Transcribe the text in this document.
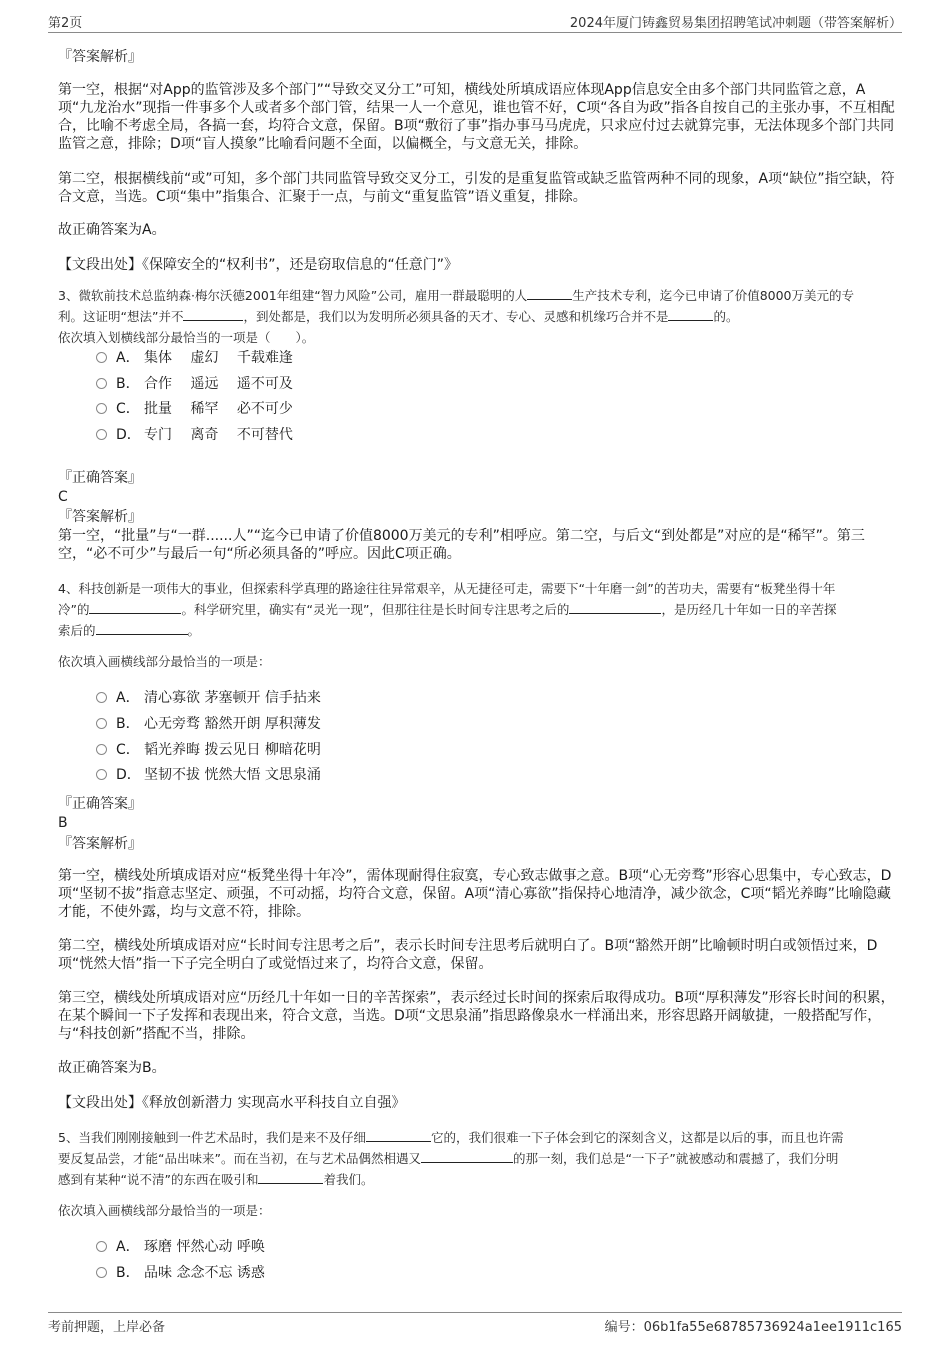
第2页	2024年厦门铸鑫贸易集团招聘笔试冲刺题（带答案解析）
『答案解析』

第一空，根据“对App的监管涉及多个部门”“导致交叉分工”可知，横线处所填成语应体现App信息安全由多个部门共同监管之意，A项“九龙治水”现指一件事多个人或者多个部门管，结果一人一个意见，谁也管不好，C项“各自为政”指各自按自己的主张办事，不互相配合，比喻不考虑全局，各搞一套，均符合文意，保留。B项“敷衍了事”指办事马马虎虎，只求应付过去就算完事，无法体现多个部门共同监管之意，排除；D项“盲人摸象”比喻看问题不全面，以偏概全，与文意无关，排除。

第二空，根据横线前“或”可知，多个部门共同监管导致交叉分工，引发的是重复监管或缺乏监管两种不同的现象，A项“缺位”指空缺，符合文意，当选。C项“集中”指集合、汇聚于一点，与前文“重复监管”语义重复，排除。

故正确答案为A。

【文段出处】《保障安全的“权利书”，还是窃取信息的“任意门”》

3、微软前技术总监纳森·梅尔沃德2001年组建“智力风险”公司，雇用一群最聪明的人	生产技术专利，迄今已申请了价值8000万美元的专
利。这证明“想法”并不	，到处都是，我们以为发明所必须具备的天才、专心、灵感和机缘巧合并不是	的。
依次填入划横线部分最恰当的一项是（　　）。

A． 集体　 虚幻　 千载难逢
B． 合作　 遥远　 遥不可及
C． 批量　 稀罕　 必不可少
D． 专门　 离奇　 不可替代
『正确答案』
C
『答案解析』

第一空，“批量”与“一群......人”“迄今已申请了价值8000万美元的专利”相呼应。第二空，与后文“到处都是”对应的是“稀罕”。第三空，“必不可少”与最后一句“所必须具备的”呼应。因此C项正确。

4、科技创新是一项伟大的事业，但探索科学真理的路途往往异常艰辛，从无捷径可走，需要下“十年磨一剑”的苦功夫，需要有“板凳坐得十年
冷”的	。科学研究里，确实有“灵光一现”，但那往往是长时间专注思考之后的	，是历经几十年如一日的辛苦探
索后的	。

依次填入画横线部分最恰当的一项是：
A． 清心寡欲 茅塞顿开 信手拈来
B． 心无旁骛 豁然开朗 厚积薄发
C． 韬光养晦 拨云见日 柳暗花明
D． 坚韧不拔 恍然大悟 文思泉涌
『正确答案』
B
『答案解析』

第一空，横线处所填成语对应“板凳坐得十年冷”，需体现耐得住寂寞，专心致志做事之意。B项“心无旁骛”形容心思集中，专心致志，D项“坚韧不拔”指意志坚定、顽强，不可动摇，均符合文意，保留。A项“清心寡欲”指保持心地清净，减少欲念，C项“韬光养晦”比喻隐藏才能，不使外露，均与文意不符，排除。

第二空，横线处所填成语对应“长时间专注思考之后”，表示长时间专注思考后就明白了。B项“豁然开朗”比喻顿时明白或领悟过来，D项“恍然大悟”指一下子完全明白了或觉悟过来了，均符合文意，保留。

第三空，横线处所填成语对应“历经几十年如一日的辛苦探索”，表示经过长时间的探索后取得成功。B项“厚积薄发”形容长时间的积累，在某个瞬间一下子发挥和表现出来，符合文意，当选。D项“文思泉涌”指思路像泉水一样涌出来，形容思路开阔敏捷，一般搭配写作，与“科技创新”搭配不当，排除。

故正确答案为B。

【文段出处】《释放创新潜力 实现高水平科技自立自强》

5、当我们刚刚接触到一件艺术品时，我们是来不及仔细	它的，我们很难一下子体会到它的深刻含义，这都是以后的事，而且也许需
要反复品尝，才能“品出味来”。而在当初，在与艺术品偶然相遇又	的那一刻，我们总是“一下子”就被感动和震撼了，我们分明
感到有某种“说不清”的东西在吸引和	着我们。

依次填入画横线部分最恰当的一项是：
A． 琢磨 怦然心动 呼唤
B． 品味 念念不忘 诱惑
考前押题，上岸必备	编号：06b1fa55e68785736924a1ee1911c165
